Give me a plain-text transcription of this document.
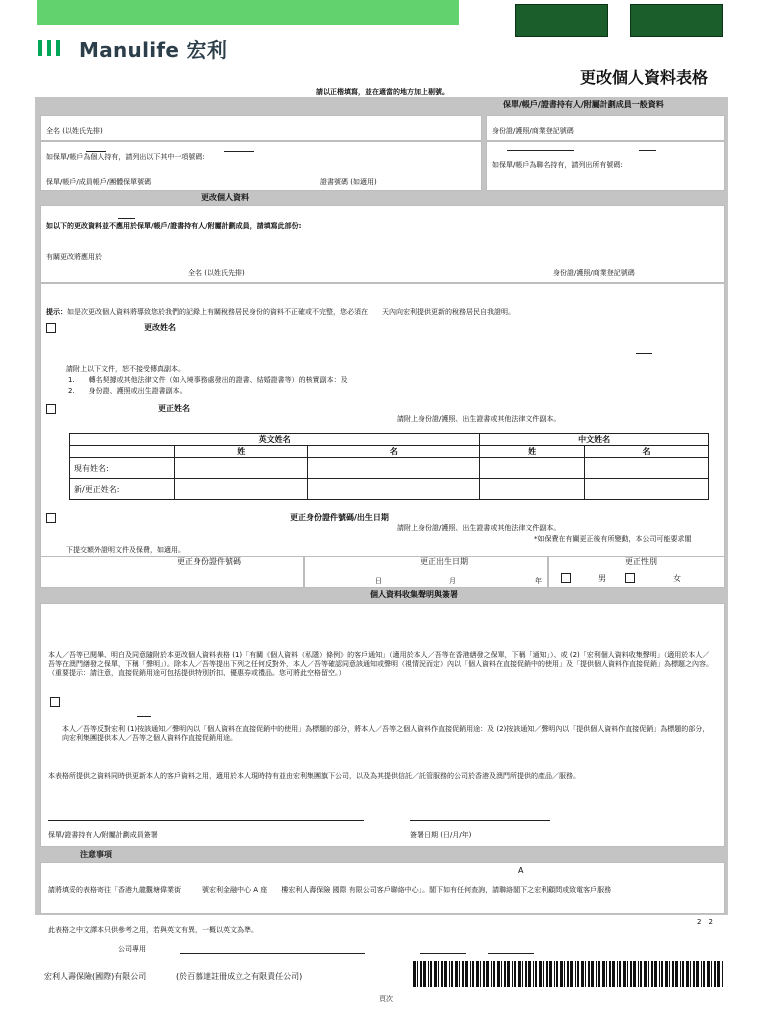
Manulife 宏利
更改個人資料表格
請以正楷填寫，並在適當的地方加上剔號。
保單/帳戶/證書持有人/附屬計劃成員一般資料
全名 (以姓氏先排)	身份證/護照/商業登記號碼
如保單/帳戶為個人持有，請列出以下其中一項號碼:
保單/帳戶/成員帳戶/團體保單號碼	證書號碼 (如適用)
如保單/帳戶為聯名持有，請列出所有號碼:
更改個人資料
如以下的更改資料並不應用於保單/帳戶/證書持有人/附屬計劃成員，請填寫此部份:
有關更改將應用於
全名 (以姓氏先排)	身份證/護照/商業登記號碼
提示：如是次更改個人資料將導致您於我們的記錄上有關稅務居民身份的資料不正確或不完整，您必須在　　天內向宏利提供更新的稅務居民自我證明。
更改姓名
請附上以下文件，恕不接受傳真副本。
1.　　轉名契據或其他法律文件（如入境事務處發出的證書、結婚證書等）的核實副本：及
2.　　身份證、護照或出生證書副本。
更正姓名
請附上身份證/護照、出生證書或其他法律文件副本。
英文姓名			中文姓名	
	姓	名	姓	名
現有姓名:				
新/更正姓名:				
更正身份證件號碼/出生日期
請附上身份證/護照、出生證書或其他法律文件副本。
*如保費在有關更正後有所變動，本公司可能要求閣
下提交額外證明文件及保費，如適用。
更正身份證件號碼	更正出生日期
日	月	年
更正性別
男	女
個人資料收集聲明與簽署
本人／吾等已閱畢、明白及同意隨附於本更改個人資料表格 (1)「有關《個人資料（私隱）條例》的客戶通知」（適用於本人／吾等在香港繕發之保單，下稱「通知」）、或 (2)「宏利個人資料收集聲明」（適用於本人／吾等在澳門繕發之保單，下稱「聲明」）。除本人／吾等提出下列之任何反對外，本人／吾等確認同意該通知或聲明（視情況而定）內以「個人資料在直接促銷中的使用」及「提供個人資料作直接促銷」為標題之內容。（重要提示：請注意，直接促銷用途可包括提供特別折扣、優惠券或禮品。您可將此空格留空。）
本人／吾等反對宏利 (1)按該通知／聲明內以「個人資料在直接促銷中的使用」為標題的部分，將本人／吾等之個人資料作直接促銷用途：及 (2)按該通知／聲明內以「提供個人資料作直接促銷」為標題的部分，向宏利集團提供本人／吾等之個人資料作直接促銷用途。
本表格所提供之資料同時供更新本人的客戶資料之用，適用於本人現時持有並由宏利集團旗下公司，以及為其提供信託／託管服務的公司於香港及澳門所提供的產品／服務。
保單/證書持有人/附屬計劃成員簽署	簽署日期 (日/月/年)
注意事項
A
請將填妥的表格寄往「香港九龍觀塘偉業街　　　號宏利金融中心 A 座　　樓宏利人壽保險 國際 有限公司客戶聯絡中心」。閣下如有任何查詢，請聯絡閣下之宏利顧問或致電客戶服務
2　2
此表格之中文譯本只供參考之用，若與英文有異，一概以英文為準。
公司專用
宏利人壽保險(國際)有限公司	(於百慕達註冊成立之有限責任公司)
頁次
